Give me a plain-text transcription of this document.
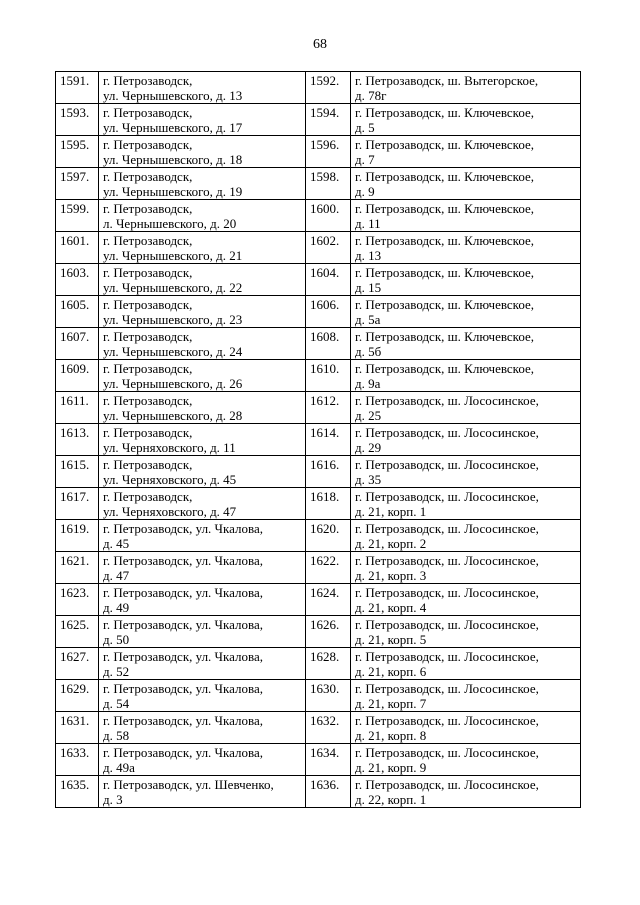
68
1591.	г. Петрозаводск,
ул. Чернышевского, д. 13	1592.	г. Петрозаводск, ш. Вытегорское,
д. 78г

1593.	г. Петрозаводск,
ул. Чернышевского, д. 17	1594.	г. Петрозаводск, ш. Ключевское,
д. 5

1595.	г. Петрозаводск,
ул. Чернышевского, д. 18	1596.	г. Петрозаводск, ш. Ключевское,
д. 7

1597.	г. Петрозаводск,
ул. Чернышевского, д. 19	1598.	г. Петрозаводск, ш. Ключевское,
д. 9

1599.	г. Петрозаводск,
л. Чернышевского, д. 20	1600.	г. Петрозаводск, ш. Ключевское,
д. 11

1601.	г. Петрозаводск,
ул. Чернышевского, д. 21	1602.	г. Петрозаводск, ш. Ключевское,
д. 13

1603.	г. Петрозаводск,
ул. Чернышевского, д. 22	1604.	г. Петрозаводск, ш. Ключевское,
д. 15

1605.	г. Петрозаводск,
ул. Чернышевского, д. 23	1606.	г. Петрозаводск, ш. Ключевское,
д. 5а

1607.	г. Петрозаводск,
ул. Чернышевского, д. 24	1608.	г. Петрозаводск, ш. Ключевское,
д. 5б

1609.	г. Петрозаводск,
ул. Чернышевского, д. 26	1610.	г. Петрозаводск, ш. Ключевское,
д. 9а

1611.	г. Петрозаводск,
ул. Чернышевского, д. 28	1612.	г. Петрозаводск, ш. Лососинское,
д. 25

1613.	г. Петрозаводск,
ул. Черняховского, д. 11	1614.	г. Петрозаводск, ш. Лососинское,
д. 29

1615.	г. Петрозаводск,
ул. Черняховского, д. 45	1616.	г. Петрозаводск, ш. Лососинское,
д. 35

1617.	г. Петрозаводск,
ул. Черняховского, д. 47	1618.	г. Петрозаводск, ш. Лососинское,
д. 21, корп. 1

1619.	г. Петрозаводск, ул. Чкалова,
д. 45	1620.	г. Петрозаводск, ш. Лососинское,
д. 21, корп. 2

1621.	г. Петрозаводск, ул. Чкалова,
д. 47	1622.	г. Петрозаводск, ш. Лососинское,
д. 21, корп. 3

1623.	г. Петрозаводск, ул. Чкалова,
д. 49	1624.	г. Петрозаводск, ш. Лососинское,
д. 21, корп. 4

1625.	г. Петрозаводск, ул. Чкалова,
д. 50	1626.	г. Петрозаводск, ш. Лососинское,
д. 21, корп. 5

1627.	г. Петрозаводск, ул. Чкалова,
д. 52	1628.	г. Петрозаводск, ш. Лососинское,
д. 21, корп. 6

1629.	г. Петрозаводск, ул. Чкалова,
д. 54	1630.	г. Петрозаводск, ш. Лососинское,
д. 21, корп. 7

1631.	г. Петрозаводск, ул. Чкалова,
д. 58	1632.	г. Петрозаводск, ш. Лососинское,
д. 21, корп. 8

1633.	г. Петрозаводск, ул. Чкалова,
д. 49а	1634.	г. Петрозаводск, ш. Лососинское,
д. 21, корп. 9

1635.	г. Петрозаводск, ул. Шевченко,
д. 3	1636.	г. Петрозаводск, ш. Лососинское,
д. 22, корп. 1
